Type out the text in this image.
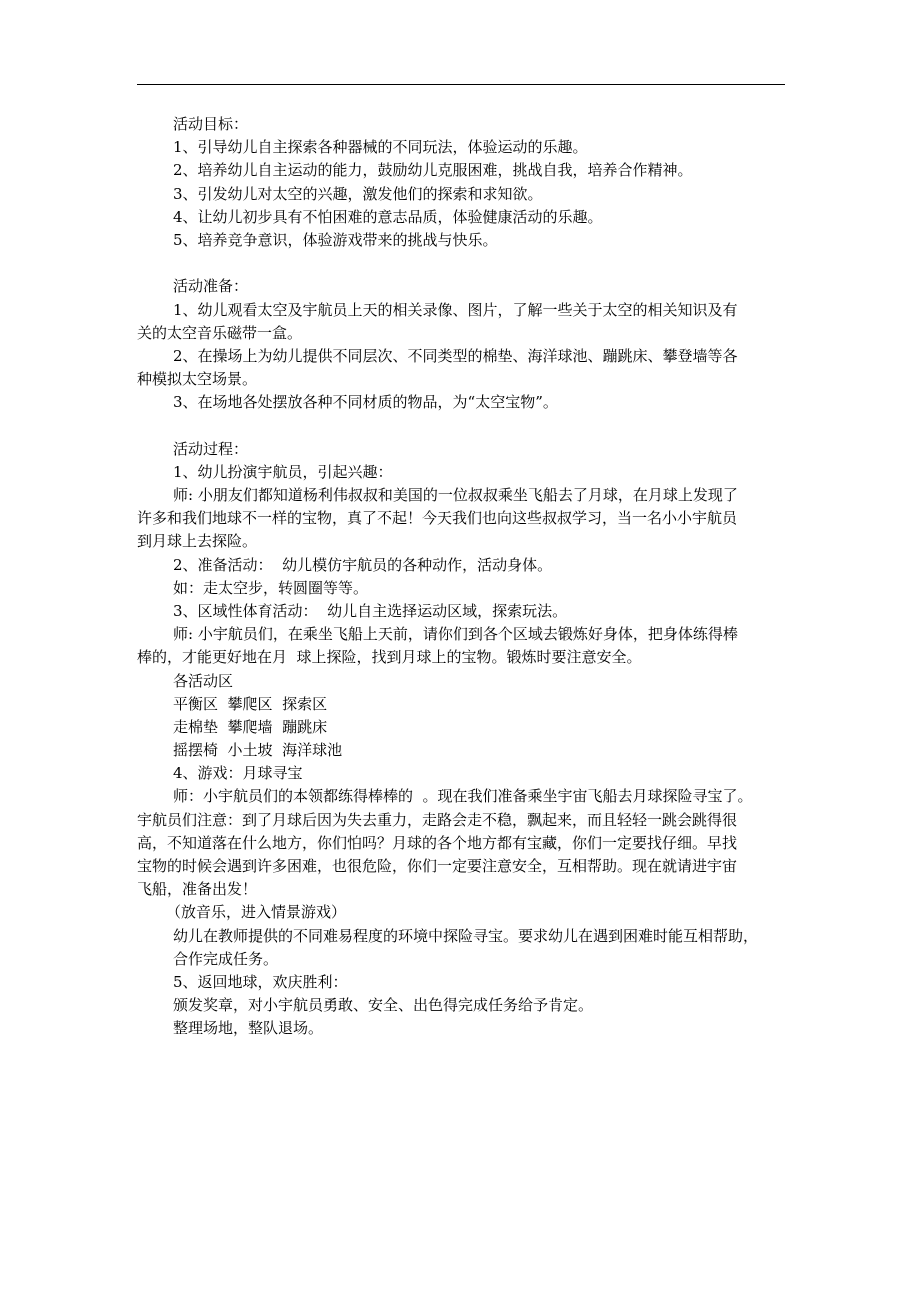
活动目标：

1、引导幼儿自主探索各种器械的不同玩法，体验运动的乐趣。

2、培养幼儿自主运动的能力，鼓励幼儿克服困难，挑战自我，培养合作精神。

3、引发幼儿对太空的兴趣，激发他们的探索和求知欲。

4、让幼儿初步具有不怕困难的意志品质，体验健康活动的乐趣。

5、培养竞争意识，体验游戏带来的挑战与快乐。

活动准备：

1、幼儿观看太空及宇航员上天的相关录像、图片，了解一些关于太空的相关知识及有

关的太空音乐磁带一盒。

2、在操场上为幼儿提供不同层次、不同类型的棉垫、海洋球池、蹦跳床、攀登墙等各

种模拟太空场景。

3、在场地各处摆放各种不同材质的物品，为“太空宝物”。

活动过程：

1、幼儿扮演宇航员，引起兴趣：

师: 小朋友们都知道杨利伟叔叔和美国的一位叔叔乘坐飞船去了月球，在月球上发现了

许多和我们地球不一样的宝物，真了不起！今天我们也向这些叔叔学习，当一名小小宇航员

到月球上去探险。

2、准备活动：  幼儿模仿宇航员的各种动作，活动身体。

如：走太空步，转圆圈等等。

3、区域性体育活动：  幼儿自主选择运动区域，探索玩法。

师: 小宇航员们，在乘坐飞船上天前，请你们到各个区域去锻炼好身体，把身体练得棒

棒的，才能更好地在月  球上探险，找到月球上的宝物。锻炼时要注意安全。

各活动区

平衡区  攀爬区  探索区

走棉垫  攀爬墙  蹦跳床

摇摆椅  小土坡  海洋球池

4、游戏：月球寻宝

师：小宇航员们的本领都练得棒棒的  。现在我们准备乘坐宇宙飞船去月球探险寻宝了。

宇航员们注意：到了月球后因为失去重力，走路会走不稳，飘起来，而且轻轻一跳会跳得很

高，不知道落在什么地方，你们怕吗？月球的各个地方都有宝藏，你们一定要找仔细。早找

宝物的时候会遇到许多困难，也很危险，你们一定要注意安全，互相帮助。现在就请进宇宙

飞船，准备出发！

（放音乐，进入情景游戏）

幼儿在教师提供的不同难易程度的环境中探险寻宝。要求幼儿在遇到困难时能互相帮助，

合作完成任务。

5、返回地球，欢庆胜利：

颁发奖章，对小宇航员勇敢、安全、出色得完成任务给予肯定。

整理场地，整队退场。
